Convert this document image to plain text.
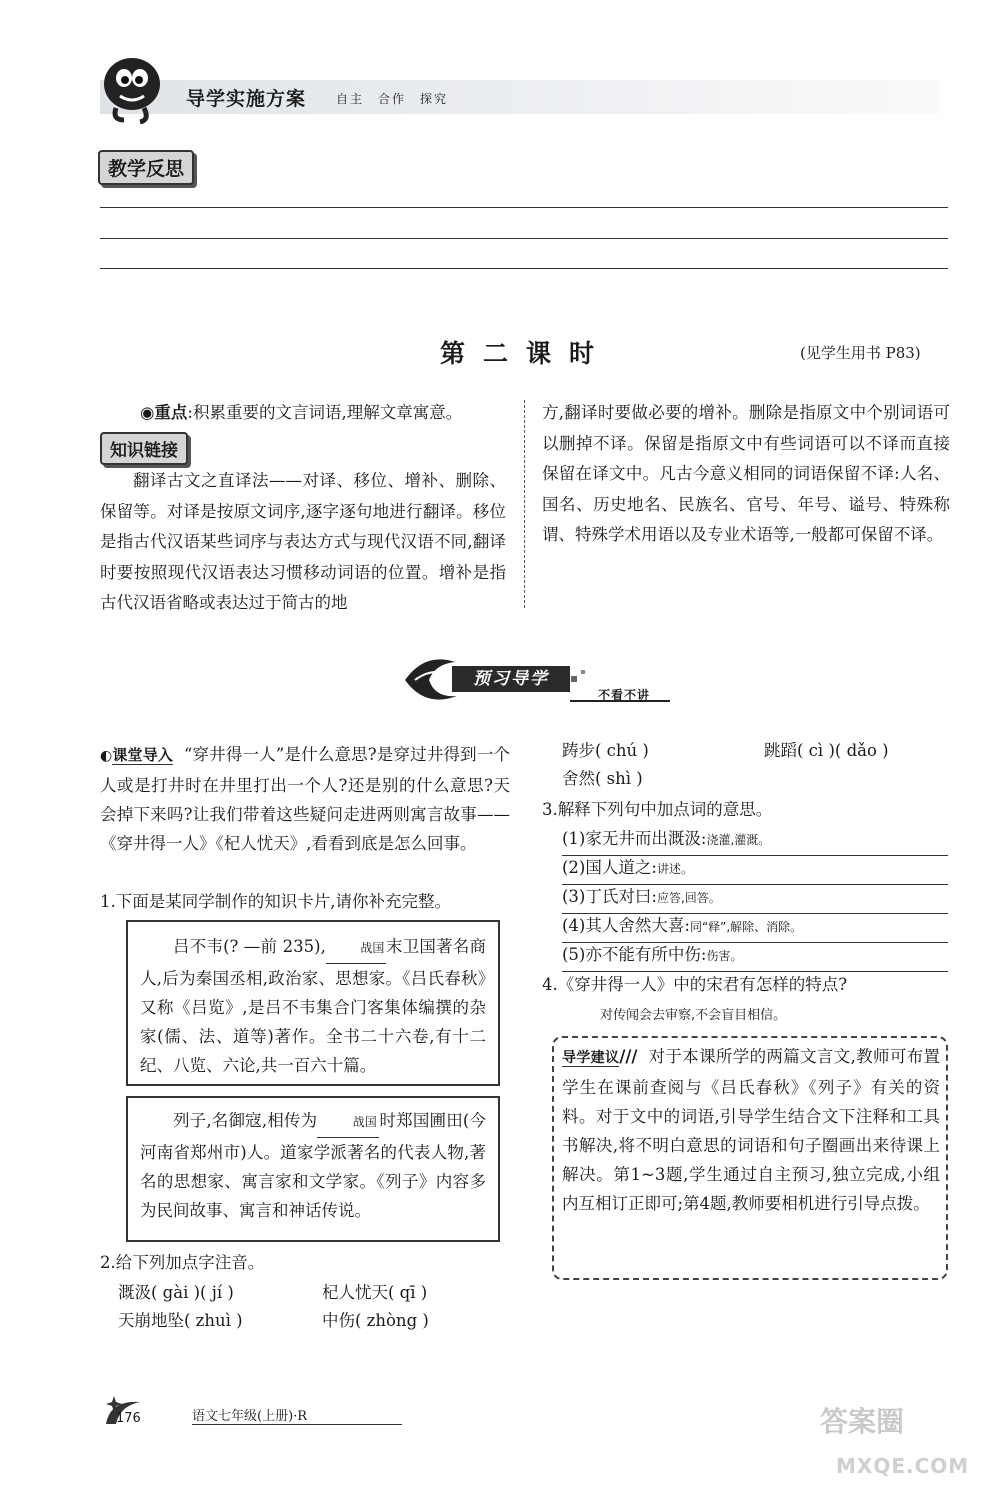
导学实施方案 自主 合作 探究
教学反思
第二课时	(见学生用书 P83)
◉重点:积累重要的文言词语,理解文章寓意。
知识链接
翻译古文之直译法——对译、移位、增补、删除、保留等。对译是按原文词序,逐字逐句地进行翻译。移位是指古代汉语某些词序与表达方式与现代汉语不同,翻译时要按照现代汉语表达习惯移动词语的位置。增补是指古代汉语省略或表达过于简古的地
方,翻译时要做必要的增补。删除是指原文中个别词语可以删掉不译。保留是指原文中有些词语可以不译而直接保留在译文中。凡古今意义相同的词语保留不译:人名、国名、历史地名、民族名、官号、年号、谥号、特殊称谓、特殊学术用语以及专业术语等,一般都可保留不译。
预习导学
不看不讲
◐课堂导入 “穿井得一人”是什么意思?是穿过井得到一个人或是打井时在井里打出一个人?还是别的什么意思?天会掉下来吗?让我们带着这些疑问走进两则寓言故事——《穿井得一人》《杞人忧天》,看看到底是怎么回事。
1.下面是某同学制作的知识卡片,请你补充完整。
吕不韦(? —前 235),	战国末卫国著名商人,后为秦国丞相,政治家、思想家。《吕氏春秋》又称《吕览》,是吕不韦集合门客集体编撰的杂家(儒、法、道等)著作。全书二十六卷,有十二纪、八览、六论,共一百六十篇。
列子,名御寇,相传为	战国 时郑国圃田(今河南省郑州市)人。道家学派著名的代表人物,著名的思想家、寓言家和文学家。《列子》内容多为民间故事、寓言和神话传说。
2.给下列加点字注音。
溉汲( gài )( jí )	杞人忧天( qī )
天崩地坠( zhuì )	中伤( zhòng )
踌步( chú )	跳蹈( cì )( dǎo )
舍然( shì )
3.解释下列句中加点词的意思。
(1)家无井而出溉汲:浇灌,灌溉。
(2)国人道之:讲述。
(3)丁氏对曰:应答,回答。
(4)其人舍然大喜:同“释”,解除、消除。
(5)亦不能有所中伤:伤害。
4.《穿井得一人》中的宋君有怎样的特点?
对传闻会去审察,不会盲目相信。
导学建议/// 对于本课所学的两篇文言文,教师可布置学生在课前查阅与《吕氏春秋》《列子》有关的资料。对于文中的词语,引导学生结合文下注释和工具书解决,将不明白意思的词语和句子圈画出来待课上解决。第1~3题,学生通过自主预习,独立完成,小组内互相订正即可;第4题,教师要相机进行引导点拨。
176	语文七年级(上册)·R	答案圈
MXQE.COM
